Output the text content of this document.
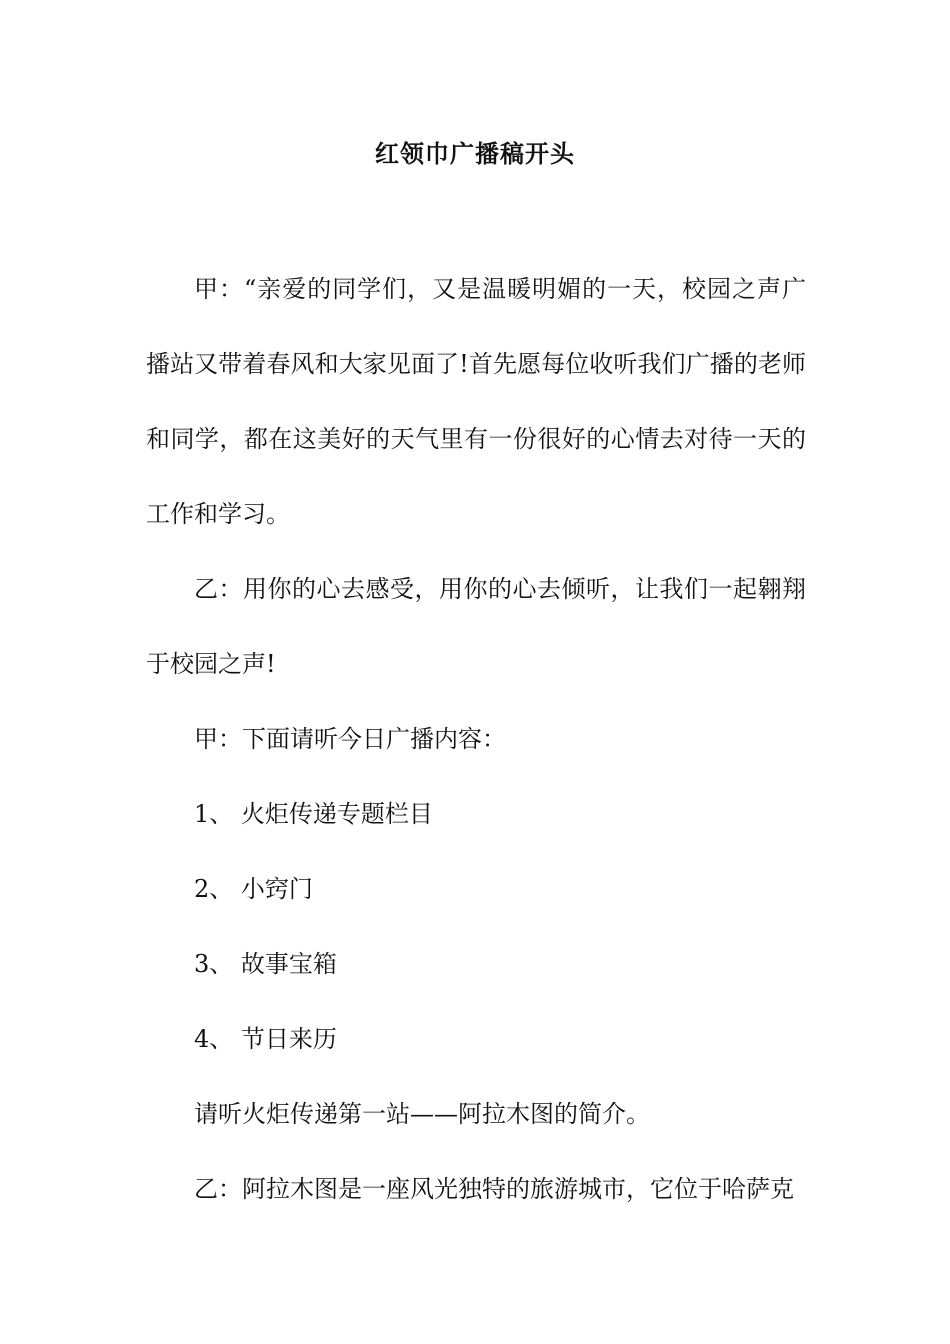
红领巾广播稿开头

甲：“亲爱的同学们，又是温暖明媚的一天，校园之声广播站又带着春风和大家见面了!首先愿每位收听我们广播的老师和同学，都在这美好的天气里有一份很好的心情去对待一天的工作和学习。

乙：用你的心去感受，用你的心去倾听，让我们一起翱翔于校园之声!

甲：下面请听今日广播内容：

1、 火炬传递专题栏目

2、 小窍门

3、 故事宝箱

4、 节日来历

请听火炬传递第一站——阿拉木图的简介。

乙：阿拉木图是一座风光独特的旅游城市，它位于哈萨克
